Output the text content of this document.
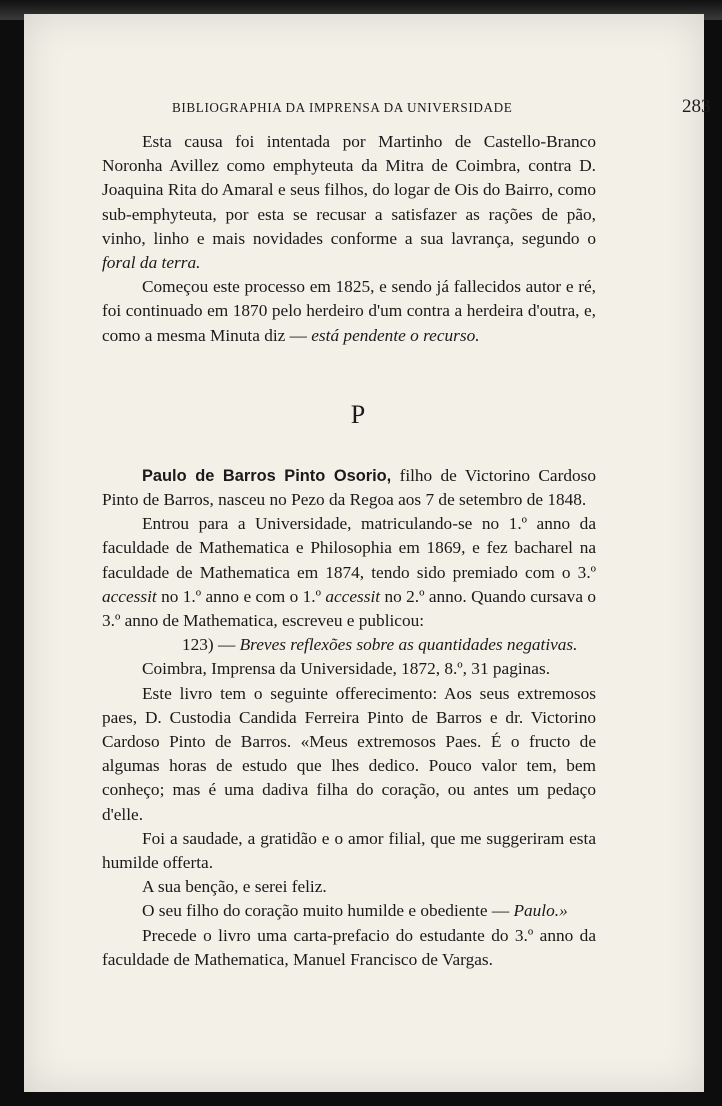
BIBLIOGRAPHIA DA IMPRENSA DA UNIVERSIDADE	283

Esta causa foi intentada por Martinho de Castello-Branco Noronha Avillez como emphyteuta da Mitra de Coimbra, contra D. Joaquina Rita do Amaral e seus filhos, do logar de Ois do Bairro, como sub-emphyteuta, por esta se recusar a satisfazer as rações de pão, vinho, linho e mais novidades conforme a sua lavrança, segundo o foral da terra.

Começou este processo em 1825, e sendo já fallecidos autor e ré, foi continuado em 1870 pelo herdeiro d'um contra a herdeira d'outra, e, como a mesma Minuta diz — está pendente o recurso.

P

Paulo de Barros Pinto Osorio, filho de Victorino Cardoso Pinto de Barros, nasceu no Pezo da Regoa aos 7 de setembro de 1848.

Entrou para a Universidade, matriculando-se no 1.º anno da faculdade de Mathematica e Philosophia em 1869, e fez bacharel na faculdade de Mathematica em 1874, tendo sido premiado com o 3.º accessit no 1.º anno e com o 1.º accessit no 2.º anno. Quando cursava o 3.º anno de Mathematica, escreveu e publicou:

123) — Breves reflexões sobre as quantidades negativas.

Coimbra, Imprensa da Universidade, 1872, 8.º, 31 paginas.

Este livro tem o seguinte offerecimento: Aos seus extremosos paes, D. Custodia Candida Ferreira Pinto de Barros e dr. Victorino Cardoso Pinto de Barros. «Meus extremosos Paes. É o fructo de algumas horas de estudo que lhes dedico. Pouco valor tem, bem conheço; mas é uma dadiva filha do coração, ou antes um pedaço d'elle.

Foi a saudade, a gratidão e o amor filial, que me suggeriram esta humilde offerta.

A sua benção, e serei feliz.

O seu filho do coração muito humilde e obediente — Paulo.»

Precede o livro uma carta-prefacio do estudante do 3.º anno da faculdade de Mathematica, Manuel Francisco de Vargas.
